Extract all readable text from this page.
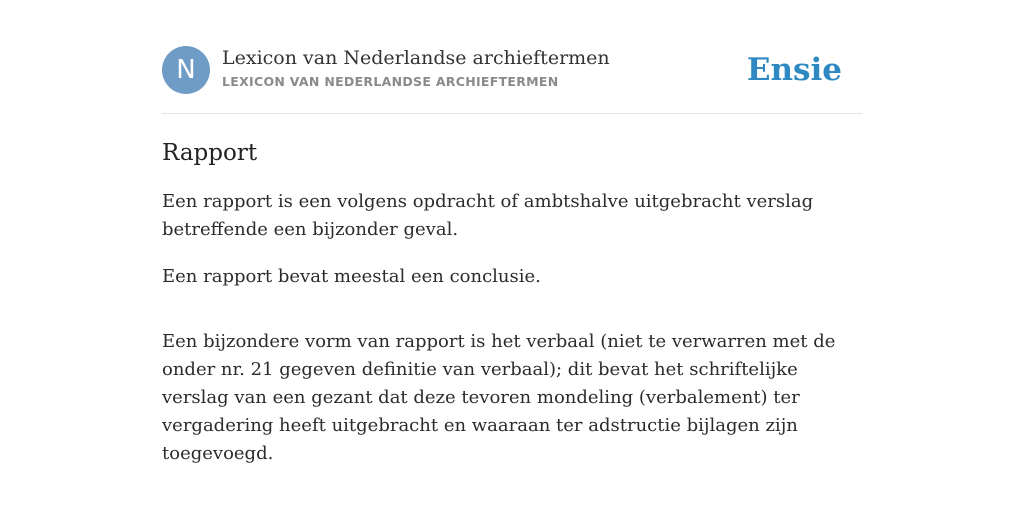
N	Lexicon van Nederlandse archieftermen
LEXICON VAN NEDERLANDSE ARCHIEFTERMEN	Ensie
Rapport

Een rapport is een volgens opdracht of ambtshalve uitgebracht verslag betreffende een bijzonder geval.

Een rapport bevat meestal een conclusie.

Een bijzondere vorm van rapport is het verbaal (niet te verwarren met de onder nr. 21 gegeven definitie van verbaal); dit bevat het schriftelijke verslag van een gezant dat deze tevoren mondeling (verbalement) ter vergadering heeft uitgebracht en waaraan ter adstructie bijlagen zijn toegevoegd.
